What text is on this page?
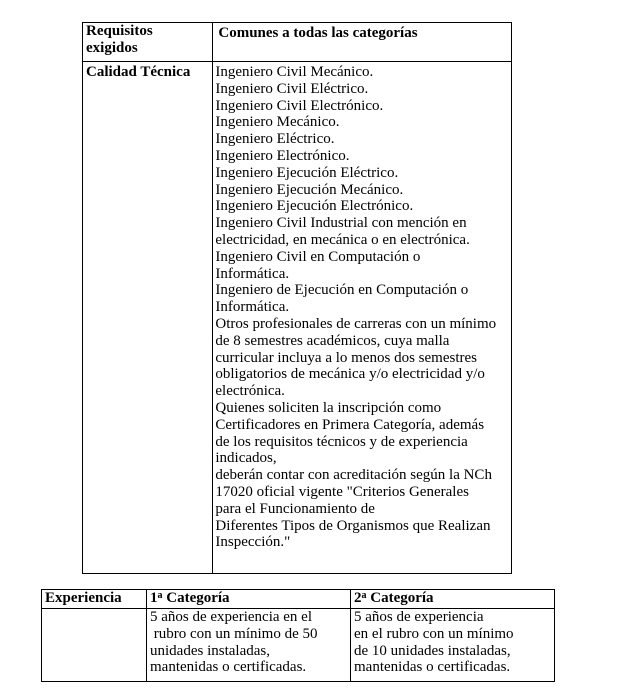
Requisitos
exigidos	Comunes a todas las categorías
Calidad Técnica	Ingeniero Civil Mecánico.
Ingeniero Civil Eléctrico.
Ingeniero Civil Electrónico.
Ingeniero Mecánico.
Ingeniero Eléctrico.
Ingeniero Electrónico.
Ingeniero Ejecución Eléctrico.
Ingeniero Ejecución Mecánico.
Ingeniero Ejecución Electrónico.
Ingeniero Civil Industrial con mención en
electricidad, en mecánica o en electrónica.
Ingeniero Civil en Computación o
Informática.
Ingeniero de Ejecución en Computación o
Informática.
Otros profesionales de carreras con un mínimo
de 8 semestres académicos, cuya malla
curricular incluya a lo menos dos semestres
obligatorios de mecánica y/o electricidad y/o
electrónica.
Quienes soliciten la inscripción como
Certificadores en Primera Categoría, además
de los requisitos técnicos y de experiencia
indicados,
deberán contar con acreditación según la NCh
17020 oficial vigente "Criterios Generales
para el Funcionamiento de
Diferentes Tipos de Organismos que Realizan
Inspección."
Experiencia	1$^a$ Categoría	2$^a$ Categoría

	5 años de experiencia en el
rubro con un mínimo de 50
unidades instaladas,
mantenidas o certificadas.	5 años de experiencia
en el rubro con un mínimo
de 10 unidades instaladas,
mantenidas o certificadas.
